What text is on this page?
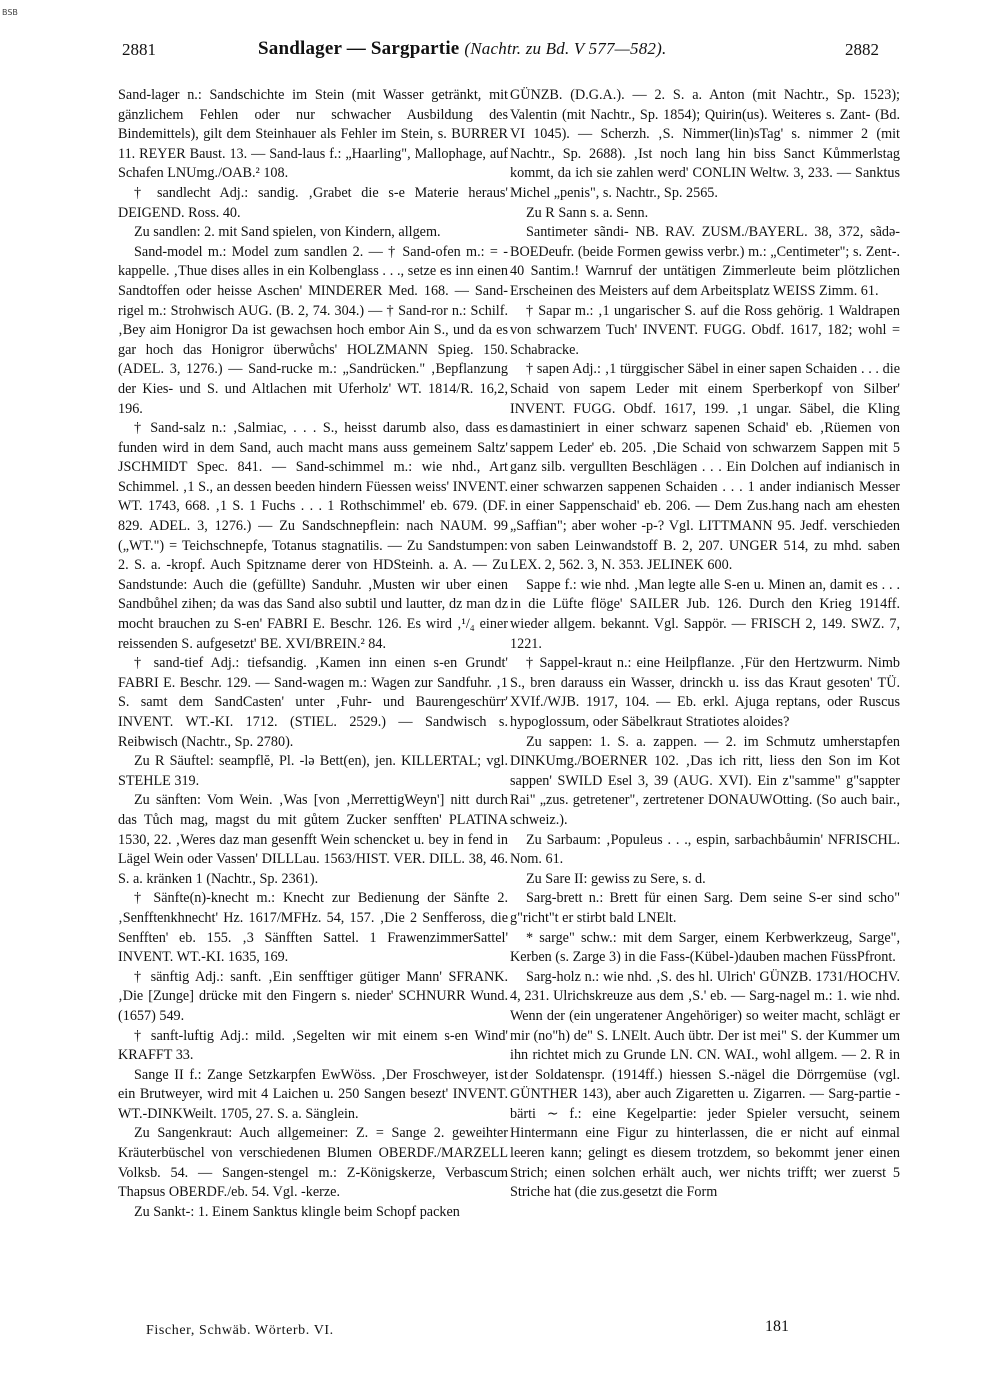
BSB
2881	Sandlager — Sargpartie (Nachtr. zu Bd. V 577—582).	2882

Sand-lager n.: Sandschichte im Stein (mit Wasser getränkt, mit gänzlichem Fehlen oder nur schwacher Ausbildung des Bindemittels), gilt dem Steinhauer als Fehler im Stein, s. BURRER 11. REYER Baust. 13. — Sand-laus f.: „Haarling", Mallophage, auf Schafen LNUmg./OAB.² 108.

† sandlecht Adj.: sandig. ‚Grabet die s-e Materie heraus' DEIGEND. Ross. 40.

Zu sandlen: 2. mit Sand spielen, von Kindern, allgem.

Sand-model m.: Model zum sandlen 2. — † Sand-ofen m.: = -kappelle. ‚Thue dises alles in ein Kolbenglass . . ., setze es inn einen Sandtoffen oder heisse Aschen' MINDERER Med. 168. — Sand-rigel m.: Strohwisch AUG. (B. 2, 74. 304.) — † Sand-ror n.: Schilf. ‚Bey aim Honigror Da ist gewachsen hoch embor Ain S., und da es gar hoch das Honigror überwůchs' HOLZMANN Spieg. 150. (ADEL. 3, 1276.) — Sand-rucke m.: „Sandrücken." ‚Bepflanzung der Kies- und S. und Altlachen mit Uferholz' WT. 1814/R. 16,2, 196.

† Sand-salz n.: ‚Salmiac, . . . S., heisst darumb also, dass es funden wird in dem Sand, auch macht mans auss gemeinem Saltz' JSCHMIDT Spec. 841. — Sand-schimmel m.: wie nhd., Art Schimmel. ‚1 S., an dessen beeden hindern Füessen weiss' INVENT. WT. 1743, 668. ‚1 S. 1 Fuchs . . . 1 Rothschimmel' eb. 679. (DF. 829. ADEL. 3, 1276.) — Zu Sandschnepflein: nach NAUM. 99 („WT.") = Teichschnepfe, Totanus stagnatilis. — Zu Sandstumpen: 2. S. a. -kropf. Auch Spitzname derer von HDSteinh. a. A. — Zu Sandstunde: Auch die (gefüllte) Sanduhr. ‚Musten wir uber einen Sandbůhel zihen; da was das Sand also subtil und lautter, dz man dz mocht brauchen zu S-en' FABRI E. Beschr. 126. Es wird ‚¹/₄ einer reissenden S. aufgesetzt' BE. XVI/BREIN.² 84.

† sand-tief Adj.: tiefsandig. ‚Kamen inn einen s-en Grundt' FABRI E. Beschr. 129. — Sand-wagen m.: Wagen zur Sandfuhr. ‚1 S. samt dem SandCasten' unter ‚Fuhr- und Baurengeschürr' INVENT. WT.-KI. 1712. (STIEL. 2529.) — Sandwisch s. Reibwisch (Nachtr., Sp. 2780).

Zu R Säuftel: seampflĕ, Pl. -lə Bett(en), jen. KILLERTAL; vgl. STEHLE 319.

Zu sänften: Vom Wein. ‚Was [von ‚MerrettigWeyn'] nitt durch das Tůch mag, magst du mit gůtem Zucker senfften' PLATINA 1530, 22. ‚Weres daz man gesenfft Wein schencket u. bey in fend in Lägel Wein oder Vassen' DILLLau. 1563/HIST. VER. DILL. 38, 46. S. a. kränken 1 (Nachtr., Sp. 2361).

† Sänfte(n)-knecht m.: Knecht zur Bedienung der Sänfte 2. ‚Senfftenkhnecht' Hz. 1617/MFHz. 54, 157. ‚Die 2 Senffeross, die Senfften' eb. 155. ‚3 Sänfften Sattel. 1 FrawenzimmerSattel' INVENT. WT.-KI. 1635, 169.

† sänftig Adj.: sanft. ‚Ein senfftiger gütiger Mann' SFRANK. ‚Die [Zunge] drücke mit den Fingern s. nieder' SCHNURR Wund. (1657) 549.

† sanft-luftig Adj.: mild. ‚Segelten wir mit einem s-en Wind' KRAFFT 33.

Sange II f.: Zange Setzkarpfen EwWöss. ‚Der Froschweyer, ist ein Brutweyer, wird mit 4 Laichen u. 250 Sangen besezt' INVENT. WT.-DINKWeilt. 1705, 27. S. a. Sänglein.

Zu Sangenkraut: Auch allgemeiner: Z. = Sange 2. geweihter Kräuterbüschel von verschiedenen Blumen OBERDF./MARZELL Volksb. 54. — Sangen-stengel m.: Z-Königskerze, Verbascum Thapsus OBERDF./eb. 54. Vgl. -kerze.

Zu Sankt-: 1. Einem Sanktus klingle beim Schopf packen

GÜNZB. (D.G.A.). — 2. S. a. Anton (mit Nachtr., Sp. 1523); Valentin (mit Nachtr., Sp. 1854); Quirin(us). Weiteres s. Zant- (Bd. VI 1045). — Scherzh. ‚S. Nimmer(lin)sTag' s. nimmer 2 (mit Nachtr., Sp. 2688). ‚Ist noch lang hin biss Sanct Kůmmerlstag kommt, da ich sie zahlen werd' CONLIN Weltw. 3, 233. — Sanktus Michel „penis", s. Nachtr., Sp. 2565.

Zu R Sann s. a. Senn.

Santimeter sãndi- NB. RAV. ZUSM./BAYERL. 38, 372, sãdə- BOEDeufr. (beide Formen gewiss verbr.) m.: „Centimeter"; s. Zent-. 40 Santim.! Warnruf der untätigen Zimmerleute beim plötzlichen Erscheinen des Meisters auf dem Arbeitsplatz WEISS Zimm. 61.

† Sapar m.: ‚1 ungarischer S. auf die Ross gehörig. 1 Waldrapen von schwarzem Tuch' INVENT. FUGG. Obdf. 1617, 182; wohl = Schabracke.

† sapen Adj.: ‚1 türggischer Säbel in einer sapen Schaiden . . . die Schaid von sapem Leder mit einem Sperberkopf von Silber' INVENT. FUGG. Obdf. 1617, 199. ‚1 ungar. Säbel, die Kling damastiniert in einer schwarz sapenen Schaid' eb. ‚Rüemen von sappem Leder' eb. 205. ‚Die Schaid von schwarzem Sappen mit 5 ganz silb. vergullten Beschlägen . . . Ein Dolchen auf indianisch in einer schwarzen sappenen Schaiden . . . 1 ander indianisch Messer in einer Sappenschaid' eb. 206. — Dem Zus.hang nach am ehesten „Saffian"; aber woher -p-? Vgl. LITTMANN 95. Jedf. verschieden von saben Leinwandstoff B. 2, 207. UNGER 514, zu mhd. saben LEX. 2, 562. 3, N. 353. JELINEK 600.

Sappe f.: wie nhd. ‚Man legte alle S-en u. Minen an, damit es . . . in die Lüfte flöge' SAILER Jub. 126. Durch den Krieg 1914ff. wieder allgem. bekannt. Vgl. Sappör. — FRISCH 2, 149. SWZ. 7, 1221.

† Sappel-kraut n.: eine Heilpflanze. ‚Für den Hertzwurm. Nimb S., bren darauss ein Wasser, drinckh u. iss das Kraut gesoten' TÜ. XVIf./WJB. 1917, 104. — Eb. erkl. Ajuga reptans, oder Ruscus hypoglossum, oder Säbelkraut Stratiotes aloides?

Zu sappen: 1. S. a. zappen. — 2. im Schmutz umherstapfen DINKUmg./BOERNER 102. ‚Das ich ritt, liess den Son im Kot sappen' SWILD Esel 3, 39 (AUG. XVI). Ein z"samme" g"sappter Rai" „zus. getretener", zertretener DONAUWOtting. (So auch bair., schweiz.).

Zu Sarbaum: ‚Populeus . . ., espin, sarbachbåumin' NFRISCHL. Nom. 61.

Zu Sare II: gewiss zu Sere, s. d.

Sarg-brett n.: Brett für einen Sarg. Dem seine S-er sind scho" g"richt"t er stirbt bald LNElt.

* sarge" schw.: mit dem Sarger, einem Kerbwerkzeug, Sarge", Kerben (s. Zarge 3) in die Fass-(Kübel-)dauben machen FüssPfront.

Sarg-holz n.: wie nhd. ‚S. des hl. Ulrich' GÜNZB. 1731/HOCHV. 4, 231. Ulrichskreuze aus dem ‚S.' eb. — Sarg-nagel m.: 1. wie nhd. Wenn der (ein ungeratener Angehöriger) so weiter macht, schlägt er mir (no"h) de" S. LNElt. Auch übtr. Der ist mei" S. der Kummer um ihn richtet mich zu Grunde LN. CN. WAI., wohl allgem. — 2. R in der Soldatenspr. (1914ff.) hiessen S.-nägel die Dörrgemüse (vgl. GÜNTHER 143), aber auch Zigaretten u. Zigarren. — Sarg-partie -bärti ∼ f.: eine Kegelpartie: jeder Spieler versucht, seinem Hintermann eine Figur zu hinterlassen, die er nicht auf einmal leeren kann; gelingt es diesem trotzdem, so bekommt jener einen Strich; einen solchen erhält auch, wer nichts trifft; wer zuerst 5 Striche hat (die zus.gesetzt die Form

Fischer, Schwäb. Wörterb. VI.	181
